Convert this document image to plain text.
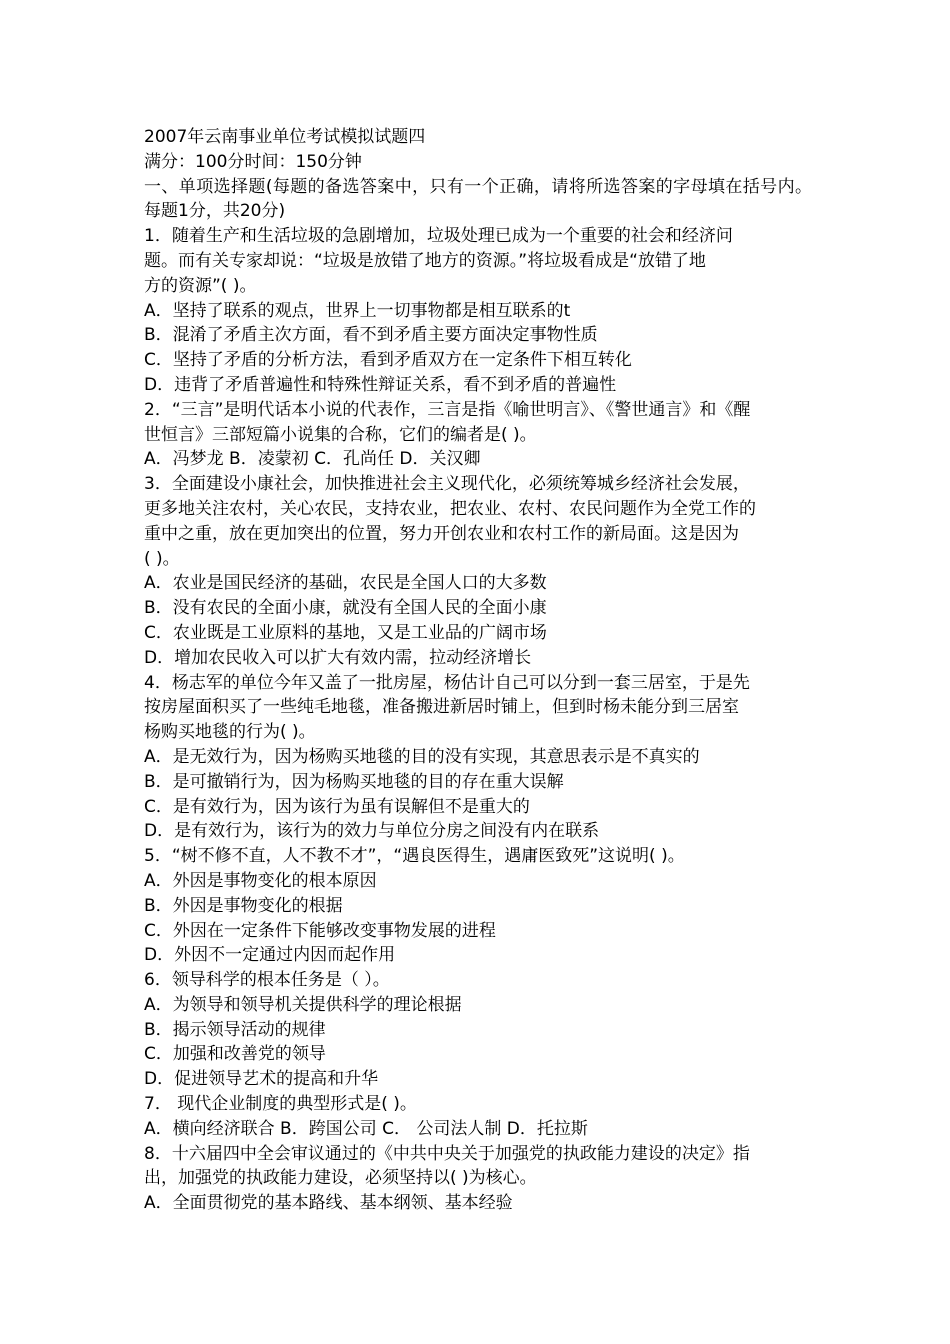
2007年云南事业单位考试模拟试题四
满分：100分时间：150分钟
一、单项选择题(每题的备选答案中，只有一个正确，请将所选答案的字母填在括号内。每题1分，共20分)
1．随着生产和生活垃圾的急剧增加，垃圾处理已成为一个重要的社会和经济问
题。而有关专家却说：“垃圾是放错了地方的资源。”将垃圾看成是“放错了地
方的资源”( )。
A．坚持了联系的观点，世界上一切事物都是相互联系的t
B．混淆了矛盾主次方面，看不到矛盾主要方面决定事物性质
C．坚持了矛盾的分析方法，看到矛盾双方在一定条件下相互转化
D．违背了矛盾普遍性和特殊性辩证关系，看不到矛盾的普遍性
2．“三言”是明代话本小说的代表作，三言是指《喻世明言》、《警世通言》和《醒
世恒言》三部短篇小说集的合称，它们的编者是( )。
A．冯梦龙 B．凌蒙初 C．孔尚任 D．关汉卿
3．全面建设小康社会，加快推进社会主义现代化，必须统筹城乡经济社会发展，
更多地关注农村，关心农民，支持农业，把农业、农村、农民问题作为全党工作的
重中之重，放在更加突出的位置，努力开创农业和农村工作的新局面。这是因为
( )。
A．农业是国民经济的基础，农民是全国人口的大多数
B．没有农民的全面小康，就没有全国人民的全面小康
C．农业既是工业原料的基地，又是工业品的广阔市场
D．增加农民收入可以扩大有效内需，拉动经济增长
4．杨志军的单位今年又盖了一批房屋，杨估计自己可以分到一套三居室，于是先
按房屋面积买了一些纯毛地毯，准备搬进新居时铺上，但到时杨未能分到三居室
杨购买地毯的行为( )。
A．是无效行为，因为杨购买地毯的目的没有实现，其意思表示是不真实的
B．是可撤销行为，因为杨购买地毯的目的存在重大误解
C．是有效行为，因为该行为虽有误解但不是重大的
D．是有效行为，该行为的效力与单位分房之间没有内在联系
5．“树不修不直，人不教不才”，“遇良医得生，遇庸医致死”这说明( )。
A．外因是事物变化的根本原因
B．外因是事物变化的根据
C．外因在一定条件下能够改变事物发展的进程
D．外因不一定通过内因而起作用
6．领导科学的根本任务是（ ）。
A．为领导和领导机关提供科学的理论根据
B．揭示领导活动的规律
C．加强和改善党的领导
D．促进领导艺术的提高和升华
7． 现代企业制度的典型形式是( )。
A．横向经济联合 B．跨国公司 C． 公司法人制 D．托拉斯
8．十六届四中全会审议通过的《中共中央关于加强党的执政能力建设的决定》指
出，加强党的执政能力建设，必须坚持以( )为核心。
A．全面贯彻党的基本路线、基本纲领、基本经验
